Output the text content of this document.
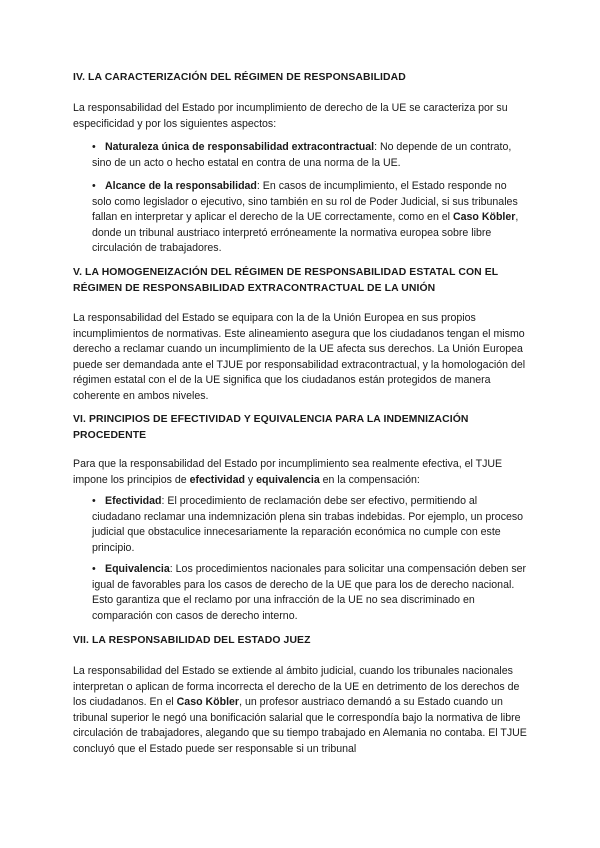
IV. LA CARACTERIZACIÓN DEL RÉGIMEN DE RESPONSABILIDAD
La responsabilidad del Estado por incumplimiento de derecho de la UE se caracteriza por su especificidad y por los siguientes aspectos:
• Naturaleza única de responsabilidad extracontractual: No depende de un contrato, sino de un acto o hecho estatal en contra de una norma de la UE.
• Alcance de la responsabilidad: En casos de incumplimiento, el Estado responde no solo como legislador o ejecutivo, sino también en su rol de Poder Judicial, si sus tribunales fallan en interpretar y aplicar el derecho de la UE correctamente, como en el Caso Köbler, donde un tribunal austriaco interpretó erróneamente la normativa europea sobre libre circulación de trabajadores.
V. LA HOMOGENEIZACIÓN DEL RÉGIMEN DE RESPONSABILIDAD ESTATAL CON EL RÉGIMEN DE RESPONSABILIDAD EXTRACONTRACTUAL DE LA UNIÓN
La responsabilidad del Estado se equipara con la de la Unión Europea en sus propios incumplimientos de normativas. Este alineamiento asegura que los ciudadanos tengan el mismo derecho a reclamar cuando un incumplimiento de la UE afecta sus derechos. La Unión Europea puede ser demandada ante el TJUE por responsabilidad extracontractual, y la homologación del régimen estatal con el de la UE significa que los ciudadanos están protegidos de manera coherente en ambos niveles.
VI. PRINCIPIOS DE EFECTIVIDAD Y EQUIVALENCIA PARA LA INDEMNIZACIÓN PROCEDENTE
Para que la responsabilidad del Estado por incumplimiento sea realmente efectiva, el TJUE impone los principios de efectividad y equivalencia en la compensación:
• Efectividad: El procedimiento de reclamación debe ser efectivo, permitiendo al ciudadano reclamar una indemnización plena sin trabas indebidas. Por ejemplo, un proceso judicial que obstaculice innecesariamente la reparación económica no cumple con este principio.
• Equivalencia: Los procedimientos nacionales para solicitar una compensación deben ser igual de favorables para los casos de derecho de la UE que para los de derecho nacional. Esto garantiza que el reclamo por una infracción de la UE no sea discriminado en comparación con casos de derecho interno.
VII. LA RESPONSABILIDAD DEL ESTADO JUEZ
La responsabilidad del Estado se extiende al ámbito judicial, cuando los tribunales nacionales interpretan o aplican de forma incorrecta el derecho de la UE en detrimento de los derechos de los ciudadanos. En el Caso Köbler, un profesor austriaco demandó a su Estado cuando un tribunal superior le negó una bonificación salarial que le correspondía bajo la normativa de libre circulación de trabajadores, alegando que su tiempo trabajado en Alemania no contaba. El TJUE concluyó que el Estado puede ser responsable si un tribunal
